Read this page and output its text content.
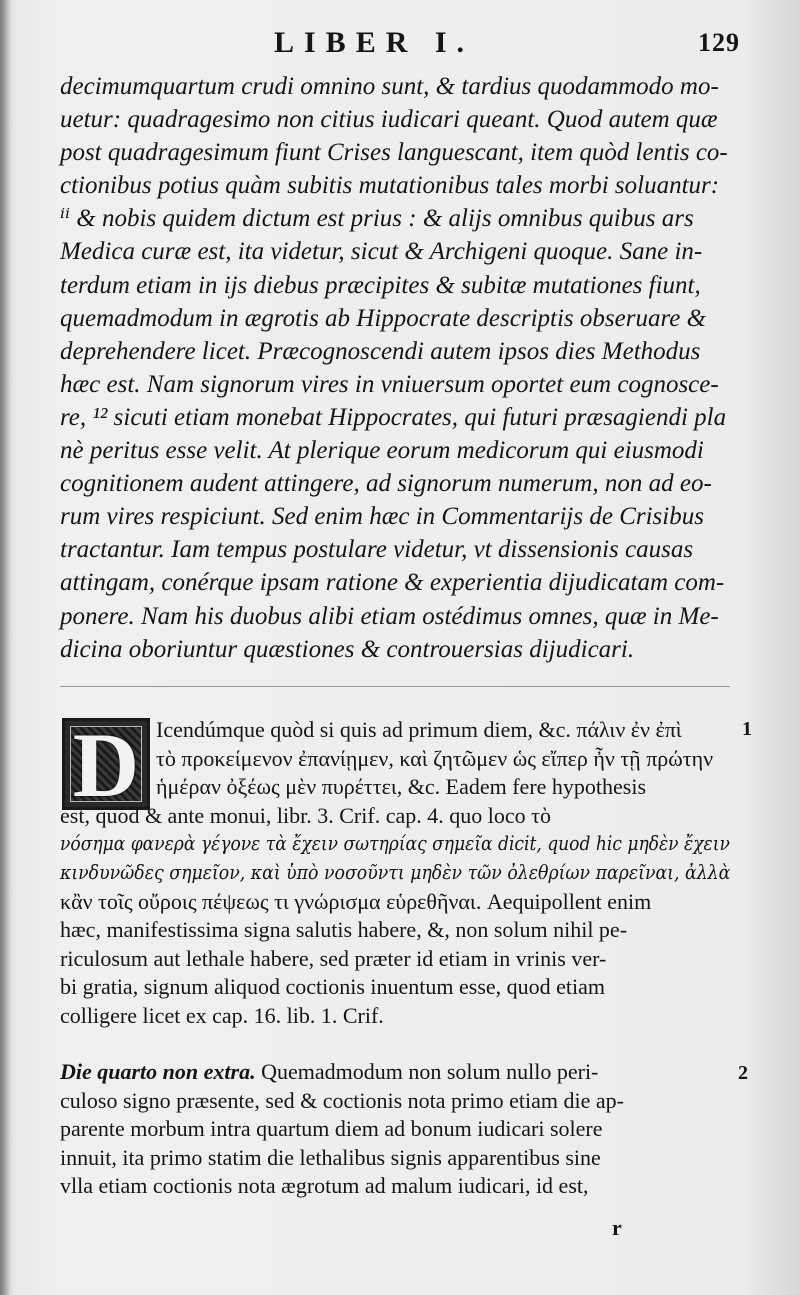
LIBER I.	129
decimumquartum crudi omnino sunt, & tardius quodammodo mo-
uetur: quadragesimo non citius iudicari queant. Quod autem quæ
post quadragesimum fiunt Crises languescant, item quòd lentis co-
ctionibus potius quàm subitis mutationibus tales morbi soluantur:
ⁱⁱ & nobis quidem dictum est prius : & alijs omnibus quibus ars
Medica curæ est, ita videtur, sicut & Archigeni quoque. Sane in-
terdum etiam in ijs diebus præcipites & subitæ mutationes fiunt,
quemadmodum in ægrotis ab Hippocrate descriptis obseruare &
deprehendere licet. Præcognoscendi autem ipsos dies Methodus
hæc est. Nam signorum vires in vniuersum oportet eum cognosce-
re, ¹² sicuti etiam monebat Hippocrates, qui futuri præsagiendi pla
nè peritus esse velit. At plerique eorum medicorum qui eiusmodi
cognitionem audent attingere, ad signorum numerum, non ad eo-
rum vires respiciunt. Sed enim hæc in Commentarijs de Crisibus
tractantur. Iam tempus postulare videtur, vt dissensionis causas
attingam, conérque ipsam ratione & experientia dijudicatam com-
ponere. Nam his duobus alibi etiam ostédimus omnes, quæ in Me-
dicina oboriuntur quæstiones & controuersias dijudicari.
D Icendúmque quòd si quis ad primum diem, &c. πάλιν ἐν ἐπὶ
τὸ προκείμενον ἐπανίῃμεν, καὶ ζητῶμεν ὡς εἴπερ ἦν τῇ πρώτην
ἡμέραν ὀξέως μὲν πυρέττει, &c. Eadem fere hypothesis
est, quod & ante monui, libr. 3. Crif. cap. 4. quo loco τὸ
νόσημα φανερὰ γέγονε τὰ ἔχειν σωτηρίας σημεῖα dicit, quod hic μηδὲν ἔχειν
κινδυνῶδες σημεῖον, καὶ ὑπὸ νοσοῦντι μηδὲν τῶν ὀλεθρίων παρεῖναι, ἀλλὰ
κἂν τοῖς οὔροις πέψεως τι γνώρισμα εὑρεθῆναι. Aequipollent enim
hæc, manifestissima signa salutis habere, &, non solum nihil pe-
riculosum aut lethale habere, sed præter id etiam in vrinis ver-
bi gratia, signum aliquod coctionis inuentum esse, quod etiam
colligere licet ex cap. 16. lib. 1. Crif.
Die quarto non extra. Quemadmodum non solum nullo peri-
culoso signo præsente, sed & coctionis nota primo etiam die ap-
parente morbum intra quartum diem ad bonum iudicari solere
innuit, ita primo statim die lethalibus signis apparentibus sine
vlla etiam coctionis nota ægrotum ad malum iudicari, id est,
1
2
r
